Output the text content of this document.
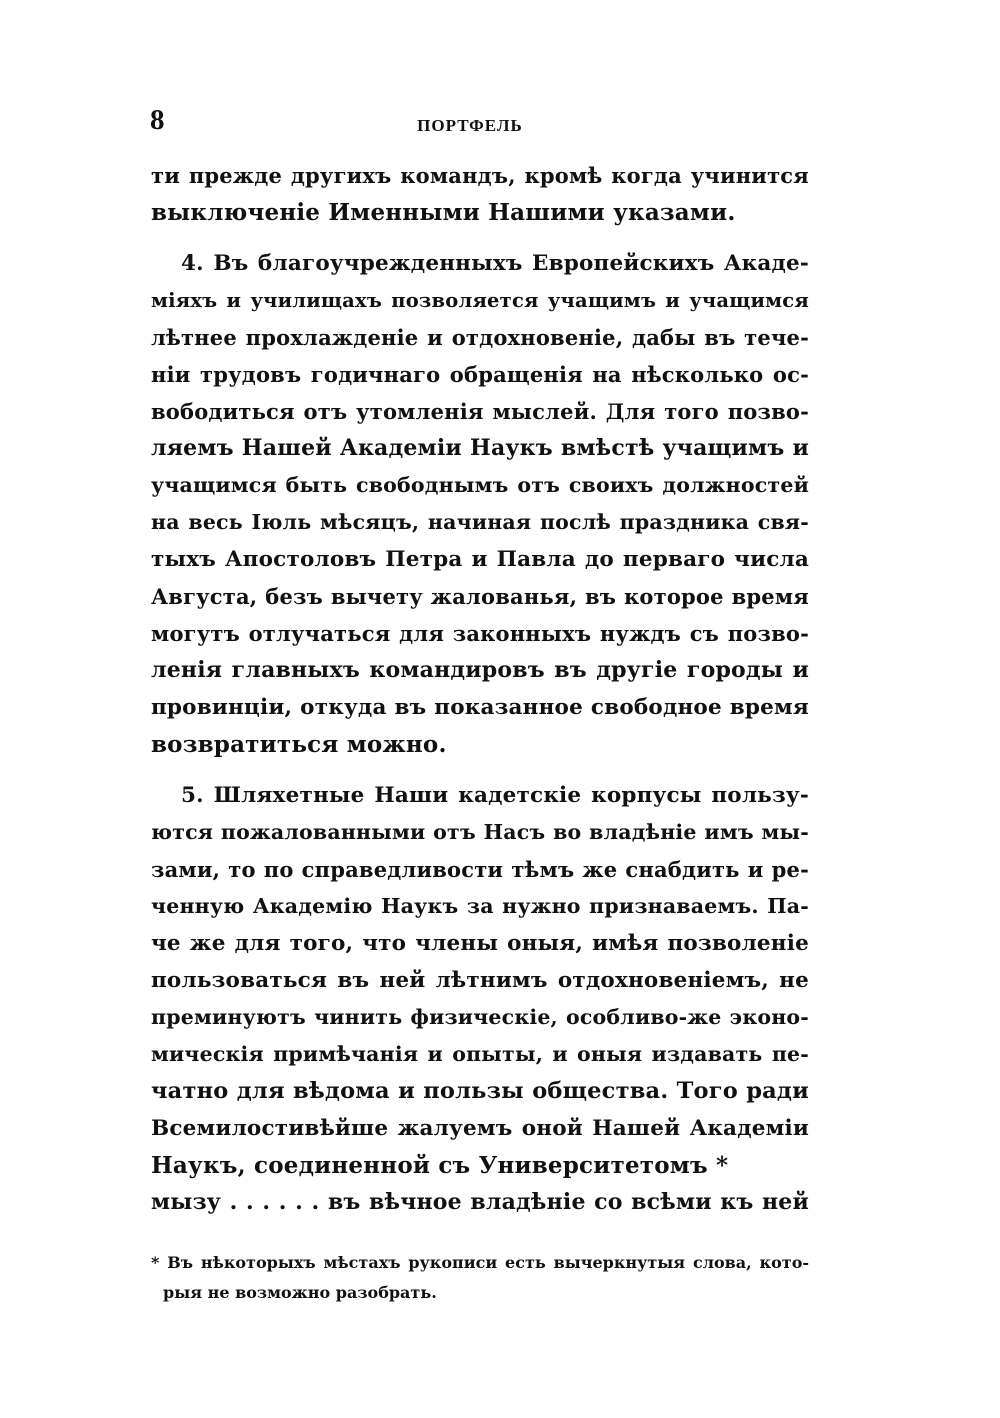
8	ПОРТФЕЛЬ
ти прежде другихъ командъ, кромѣ когда учинится
выключеніе Именными Нашими указами.
4. Въ благоучрежденныхъ Европейскихъ Акаде-
міяхъ и училищахъ позволяется учащимъ и учащимся
лѣтнее прохлажденіе и отдохновеніе, дабы въ тече-
ніи трудовъ годичнаго обращенія на нѣсколько ос-
вободиться отъ утомленія мыслей. Для того позво-
ляемъ Нашей Академіи Наукъ вмѣстѣ учащимъ и
учащимся быть свободнымъ отъ своихъ должностей
на весь Іюль мѣсяцъ, начиная послѣ праздника свя-
тыхъ Апостоловъ Петра и Павла до перваго числа
Августа, безъ вычету жалованья, въ которое время
могутъ отлучаться для законныхъ нуждъ съ позво-
ленія главныхъ командировъ въ другіе городы и
провинціи, откуда въ показанное свободное время
возвратиться можно.
5. Шляхетные Наши кадетскіе корпусы пользу-
ются пожалованными отъ Насъ во владѣніе имъ мы-
зами, то по справедливости тѣмъ же снабдить и ре-
ченную Академію Наукъ за нужно признаваемъ. Па-
че же для того, что члены оныя, имѣя позволеніе
пользоваться въ ней лѣтнимъ отдохновеніемъ, не
преминуютъ чинить физическіе, особливо-же эконо-
мическія примѣчанія и опыты, и оныя издавать пе-
чатно для вѣдома и пользы общества. Того ради
Всемилостивѣйше жалуемъ оной Нашей Академіи
Наукъ, соединенной съ Университетомъ *
мызу . . . . . . въ вѣчное владѣніе со всѣми къ ней
* Въ нѣкоторыхъ мѣстахъ рукописи есть вычеркнутыя слова, кото-
рыя не возможно разобрать.
